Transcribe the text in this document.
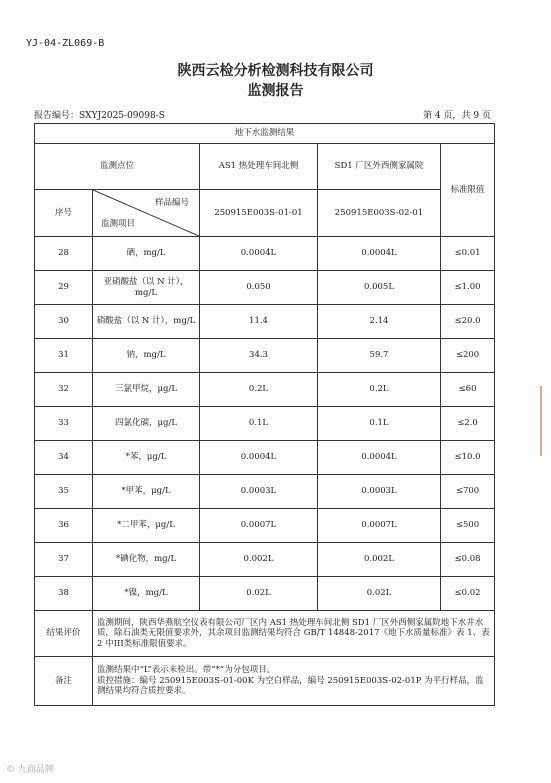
YJ-04-ZL069-B
陕西云检分析检测科技有限公司
监测报告
报告编号：SXYJ2025-09098-S	第 4 页，共 9 页
地下水监测结果				
监测点位		AS1 热处理车间北侧	SD1 厂区外西侧家属院	标准限值
序号	样品编号
监测项目	250915E003S-01-01	250915E003S-02-01	
28	硒，mg/L	0.0004L	0.0004L	≤0.01
29	亚硝酸盐（以 N 计），mg/L	0.050	0.005L	≤1.00
30	硝酸盐（以 N 计），mg/L	11.4	2.14	≤20.0
31	钠，mg/L	34.3	59.7	≤200
32	三氯甲烷，μg/L	0.2L	0.2L	≤60
33	四氯化碳，μg/L	0.1L	0.1L	≤2.0
34	*苯，μg/L	0.0004L	0.0004L	≤10.0
35	*甲苯，μg/L	0.0003L	0.0003L	≤700
36	*二甲苯，μg/L	0.0007L	0.0007L	≤500
37	*碘化物，mg/L	0.002L	0.002L	≤0.08
38	*镍，mg/L	0.02L	0.02L	≤0.02
结果评价	监测期间，陕西华燕航空仪表有限公司厂区内 AS1 热处理车间北侧 SD1 厂区外西侧家属院地下水井水质，除石油类无限值要求外，其余项目监测结果均符合 GB/T 14848-2017《地下水质量标准》表 1、表 2 中III类标准限值要求。			
备注	监测结果中“L”表示未检出。带“*”为分包项目。
质控措施：编号 250915E003S-01-00K 为空白样品，编号 250915E003S-02-01P 为平行样品，监测结果均符合质控要求。			
© 九商品牌
